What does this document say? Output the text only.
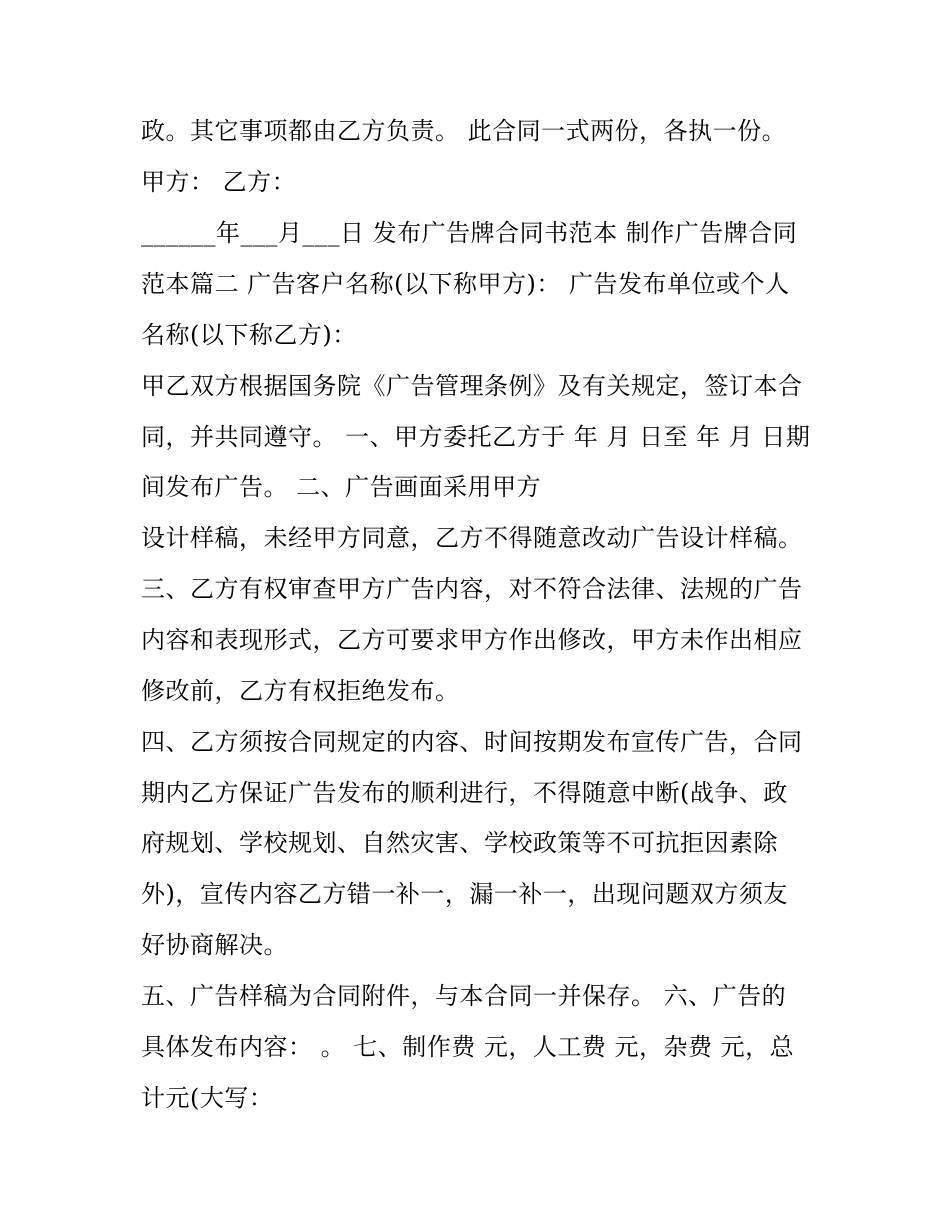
政。其它事项都由乙方负责。 此合同一式两份，各执一份。
甲方： 乙方：
______年___月___日 发布广告牌合同书范本 制作广告牌合同
范本篇二 广告客户名称(以下称甲方)： 广告发布单位或个人
名称(以下称乙方)：
甲乙双方根据国务院《广告管理条例》及有关规定，签订本合
同，并共同遵守。 一、甲方委托乙方于 年 月 日至 年 月 日期
间发布广告。 二、广告画面采用甲方
设计样稿，未经甲方同意，乙方不得随意改动广告设计样稿。
三、乙方有权审查甲方广告内容，对不符合法律、法规的广告
内容和表现形式，乙方可要求甲方作出修改，甲方未作出相应
修改前，乙方有权拒绝发布。
四、乙方须按合同规定的内容、时间按期发布宣传广告，合同
期内乙方保证广告发布的顺利进行，不得随意中断(战争、政
府规划、学校规划、自然灾害、学校政策等不可抗拒因素除
外)，宣传内容乙方错一补一，漏一补一，出现问题双方须友
好协商解决。
五、广告样稿为合同附件，与本合同一并保存。 六、广告的
具体发布内容： 。 七、制作费 元，人工费 元，杂费 元，总
计元(大写：
